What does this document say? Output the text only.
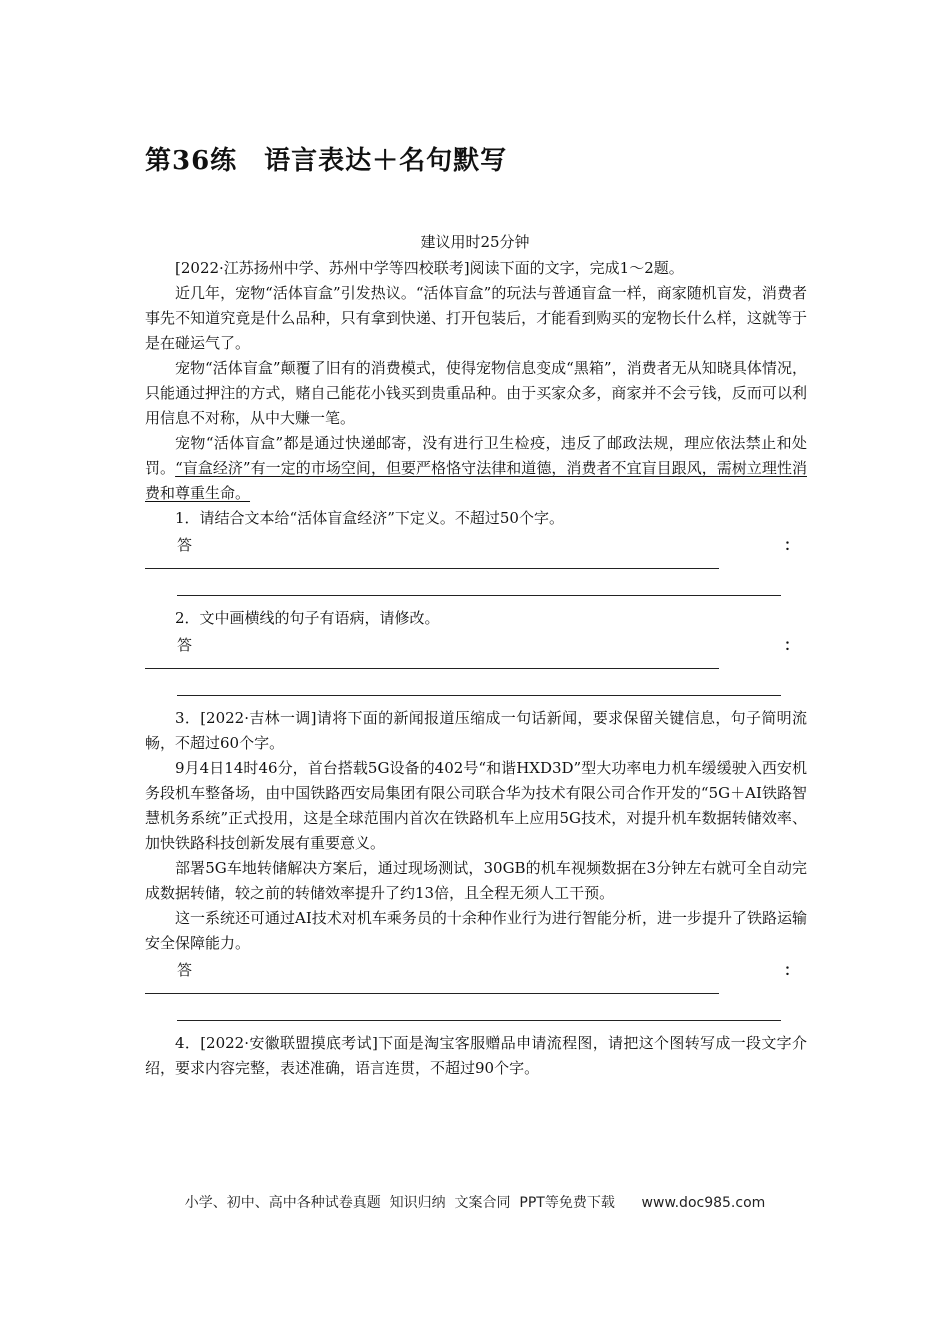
第36练　语言表达＋名句默写
建议用时25分钟

[2022·江苏扬州中学、苏州中学等四校联考]阅读下面的文字，完成1～2题。

近几年，宠物“活体盲盒”引发热议。“活体盲盒”的玩法与普通盲盒一样，商家随机盲发，消费者事先不知道究竟是什么品种，只有拿到快递、打开包装后，才能看到购买的宠物长什么样，这就等于是在碰运气了。

宠物“活体盲盒”颠覆了旧有的消费模式，使得宠物信息变成“黑箱”，消费者无从知晓具体情况，只能通过押注的方式，赌自己能花小钱买到贵重品种。由于买家众多，商家并不会亏钱，反而可以利用信息不对称，从中大赚一笔。

宠物“活体盲盒”都是通过快递邮寄，没有进行卫生检疫，违反了邮政法规，理应依法禁止和处罚。“盲盒经济”有一定的市场空间，但要严格恪守法律和道德，消费者不宜盲目跟风，需树立理性消费和尊重生命。

1．请结合文本给“活体盲盒经济”下定义。不超过50个字。

答	：

2．文中画横线的句子有语病，请修改。

答	：

3．[2022·吉林一调]请将下面的新闻报道压缩成一句话新闻，要求保留关键信息，句子简明流畅，不超过60个字。

9月4日14时46分，首台搭载5G设备的402号“和谐HXD3D”型大功率电力机车缓缓驶入西安机务段机车整备场，由中国铁路西安局集团有限公司联合华为技术有限公司合作开发的“5G＋AI铁路智慧机务系统”正式投用，这是全球范围内首次在铁路机车上应用5G技术，对提升机车数据转储效率、加快铁路科技创新发展有重要意义。

部署5G车地转储解决方案后，通过现场测试，30GB的机车视频数据在3分钟左右就可全自动完成数据转储，较之前的转储效率提升了约13倍，且全程无须人工干预。

这一系统还可通过AI技术对机车乘务员的十余种作业行为进行智能分析，进一步提升了铁路运输安全保障能力。

答	：

4．[2022·安徽联盟摸底考试]下面是淘宝客服赠品申请流程图，请把这个图转写成一段文字介绍，要求内容完整，表述准确，语言连贯，不超过90个字。

小学、初中、高中各种试卷真题  知识归纳  文案合同  PPT等免费下载      www.doc985.com
